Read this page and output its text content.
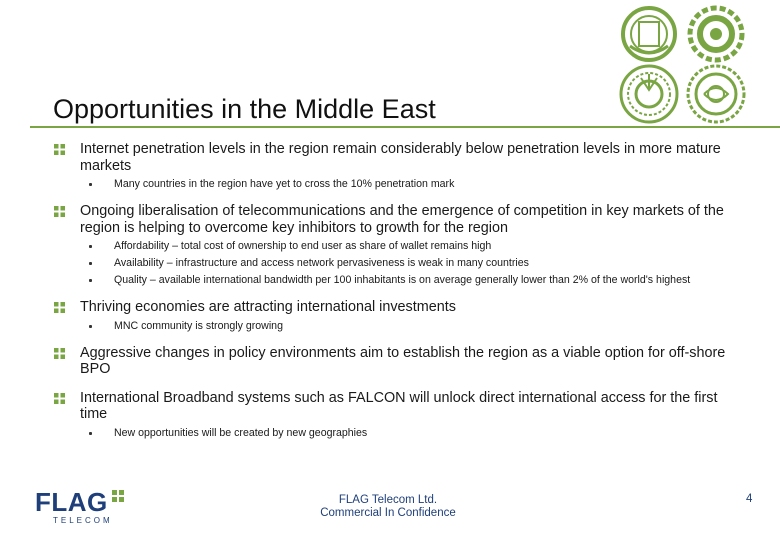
Opportunities in the Middle East
Internet penetration levels in the region remain considerably below penetration levels in more mature markets
Many countries in the region have yet to cross the 10% penetration mark
Ongoing liberalisation of telecommunications and the emergence of competition in key markets of the region is helping to overcome key inhibitors to growth for the region
Affordability – total cost of ownership to end user as share of wallet remains high
Availability – infrastructure and access network pervasiveness is weak in many countries
Quality – available international bandwidth per 100 inhabitants is on average generally lower than 2% of the world's highest
Thriving economies are attracting international investments
MNC community is strongly growing
Aggressive changes in policy environments aim to establish the region as a viable option for off-shore BPO
International Broadband systems such as FALCON will unlock direct international access for the first time
New opportunities will be created by new geographies
FLAG
TELECOM
FLAG Telecom Ltd.
Commercial In Confidence
4
